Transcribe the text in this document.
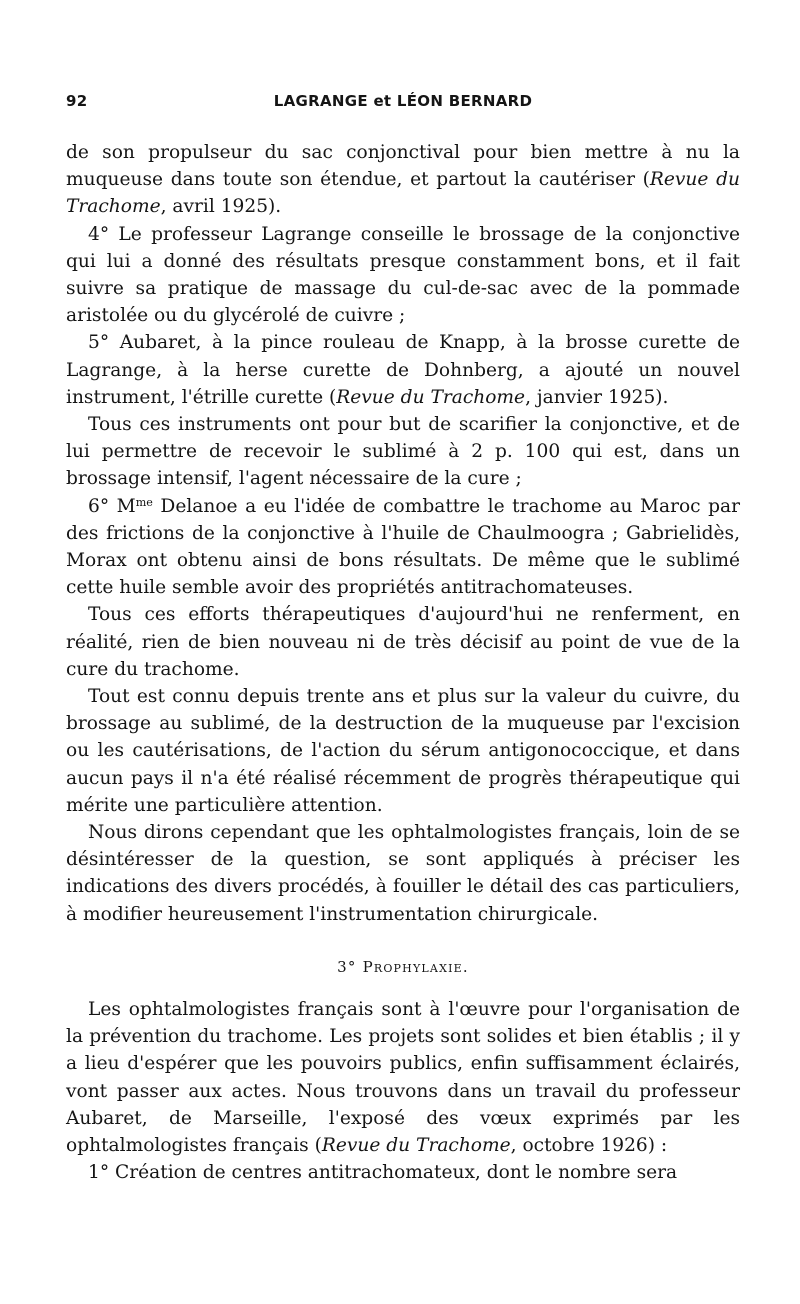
92	LAGRANGE et LÉON BERNARD

de son propulseur du sac conjonctival pour bien mettre à nu la muqueuse dans toute son étendue, et partout la cautériser (Revue du Trachome, avril 1925).

4° Le professeur Lagrange conseille le brossage de la conjonctive qui lui a donné des résultats presque constamment bons, et il fait suivre sa pratique de massage du cul-de-sac avec de la pommade aristolée ou du glycérolé de cuivre ;

5° Aubaret, à la pince rouleau de Knapp, à la brosse curette de Lagrange, à la herse curette de Dohnberg, a ajouté un nouvel instrument, l'étrille curette (Revue du Trachome, janvier 1925).

Tous ces instruments ont pour but de scarifier la conjonctive, et de lui permettre de recevoir le sublimé à 2 p. 100 qui est, dans un brossage intensif, l'agent nécessaire de la cure ;

6° $M^{me}$ Delanoe a eu l'idée de combattre le trachome au Maroc par des frictions de la conjonctive à l'huile de Chaulmoogra ; Gabrielidès, Morax ont obtenu ainsi de bons résultats. De même que le sublimé cette huile semble avoir des propriétés antitrachomateuses.

Tous ces efforts thérapeutiques d'aujourd'hui ne renferment, en réalité, rien de bien nouveau ni de très décisif au point de vue de la cure du trachome.

Tout est connu depuis trente ans et plus sur la valeur du cuivre, du brossage au sublimé, de la destruction de la muqueuse par l'excision ou les cautérisations, de l'action du sérum antigonococcique, et dans aucun pays il n'a été réalisé récemment de progrès thérapeutique qui mérite une particulière attention.

Nous dirons cependant que les ophtalmologistes français, loin de se désintéresser de la question, se sont appliqués à préciser les indications des divers procédés, à fouiller le détail des cas particuliers, à modifier heureusement l'instrumentation chirurgicale.

3° Prophylaxie.

Les ophtalmologistes français sont à l'œuvre pour l'organisation de la prévention du trachome. Les projets sont solides et bien établis ; il y a lieu d'espérer que les pouvoirs publics, enfin suffisamment éclairés, vont passer aux actes. Nous trouvons dans un travail du professeur Aubaret, de Marseille, l'exposé des vœux exprimés par les ophtalmologistes français (Revue du Trachome, octobre 1926) :

1° Création de centres antitrachomateux, dont le nombre sera
